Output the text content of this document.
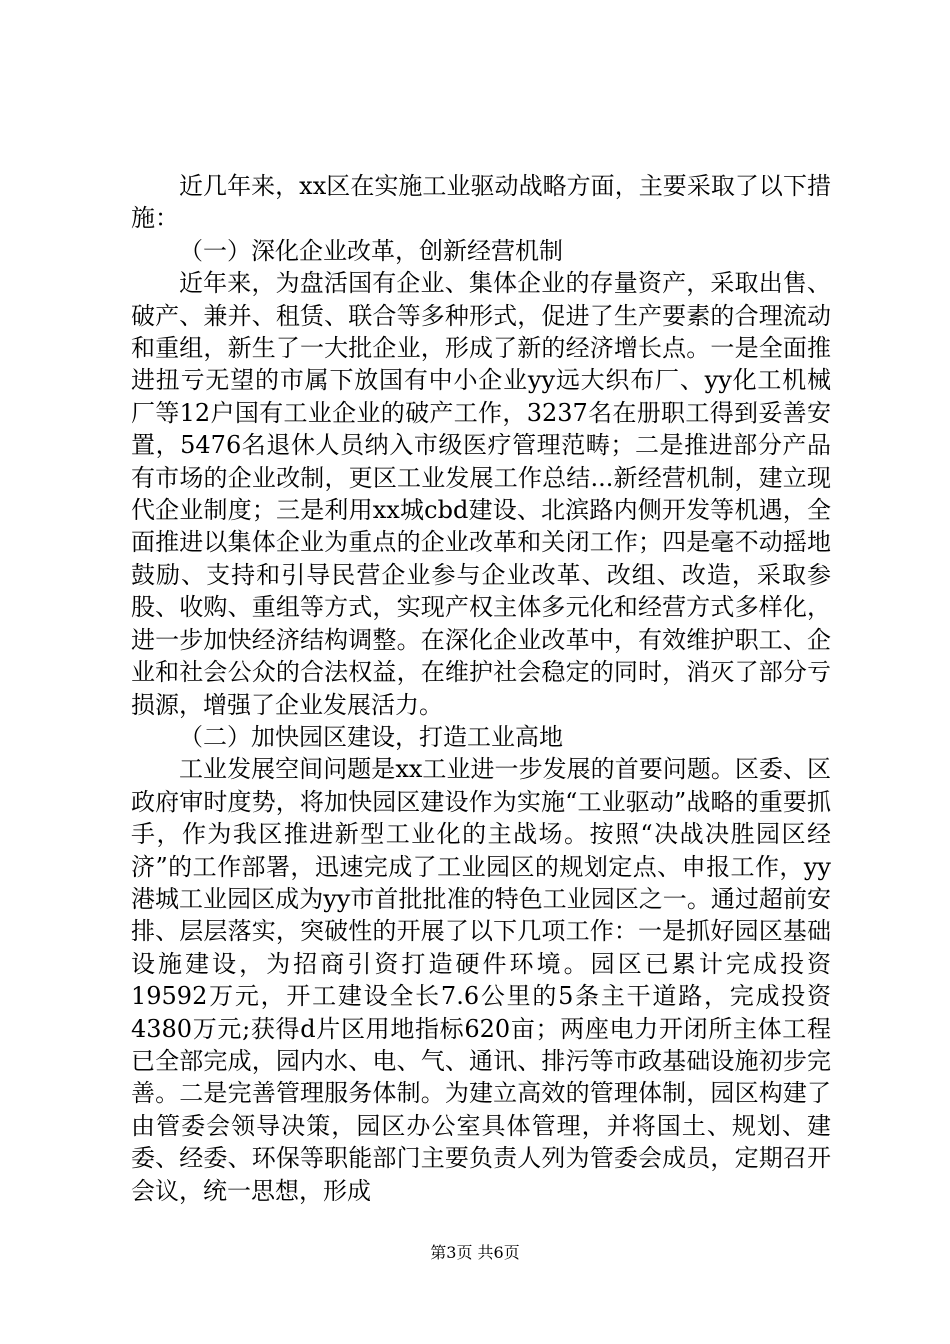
近几年来，xx区在实施工业驱动战略方面，主要采取了以下措施：

（一）深化企业改革，创新经营机制

近年来，为盘活国有企业、集体企业的存量资产，采取出售、破产、兼并、租赁、联合等多种形式，促进了生产要素的合理流动和重组，新生了一大批企业，形成了新的经济增长点。一是全面推进扭亏无望的市属下放国有中小企业yy远大织布厂、yy化工机械厂等12户国有工业企业的破产工作，3237名在册职工得到妥善安置，5476名退休人员纳入市级医疗管理范畴；二是推进部分产品有市场的企业改制，更区工业发展工作总结...新经营机制，建立现代企业制度；三是利用xx城cbd建设、北滨路内侧开发等机遇，全面推进以集体企业为重点的企业改革和关闭工作；四是毫不动摇地鼓励、支持和引导民营企业参与企业改革、改组、改造，采取参股、收购、重组等方式，实现产权主体多元化和经营方式多样化，进一步加快经济结构调整。在深化企业改革中，有效维护职工、企业和社会公众的合法权益，在维护社会稳定的同时，消灭了部分亏损源，增强了企业发展活力。

（二）加快园区建设，打造工业高地

工业发展空间问题是xx工业进一步发展的首要问题。区委、区政府审时度势，将加快园区建设作为实施“工业驱动”战略的重要抓手，作为我区推进新型工业化的主战场。按照“决战决胜园区经济”的工作部署，迅速完成了工业园区的规划定点、申报工作，yy港城工业园区成为yy市首批批准的特色工业园区之一。通过超前安排、层层落实，突破性的开展了以下几项工作：一是抓好园区基础设施建设，为招商引资打造硬件环境。园区已累计完成投资19592万元，开工建设全长7.6公里的5条主干道路，完成投资4380万元;获得d片区用地指标620亩；两座电力开闭所主体工程已全部完成，园内水、电、气、通讯、排污等市政基础设施初步完善。二是完善管理服务体制。为建立高效的管理体制，园区构建了由管委会领导决策，园区办公室具体管理，并将国土、规划、建委、经委、环保等职能部门主要负责人列为管委会成员，定期召开会议，统一思想，形成

第3页 共6页
